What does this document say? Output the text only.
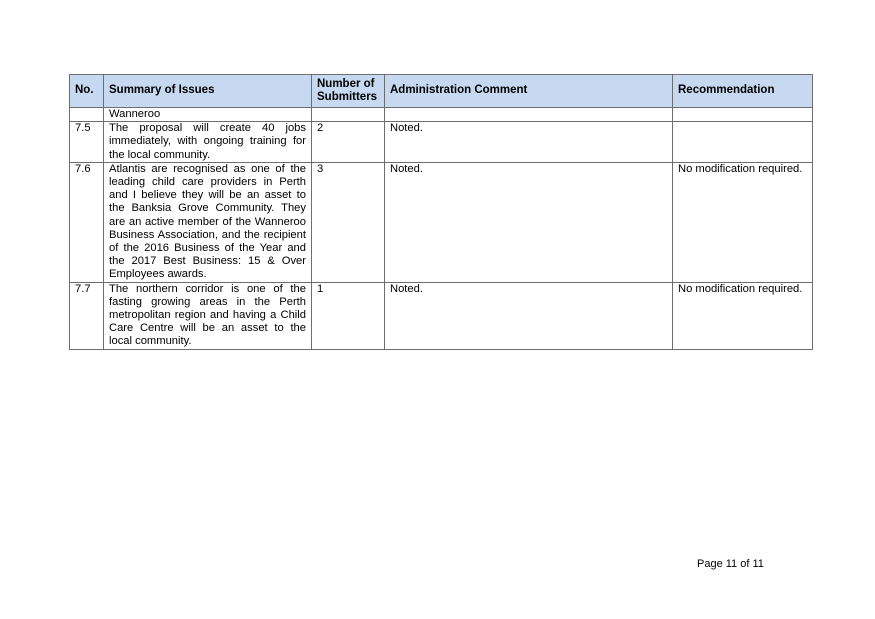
No.	Summary of Issues	Number of Submitters	Administration Comment	Recommendation
	Wanneroo			
7.5	The proposal will create 40 jobs immediately, with ongoing training for the local community.	2	Noted.	
7.6	Atlantis are recognised as one of the leading child care providers in Perth and I believe they will be an asset to the Banksia Grove Community. They are an active member of the Wanneroo Business Association, and the recipient of the 2016 Business of the Year and the 2017 Best Business: 15 & Over Employees awards.	3	Noted.	No modification required.
7.7	The northern corridor is one of the fasting growing areas in the Perth metropolitan region and having a Child Care Centre will be an asset to the local community.	1	Noted.	No modification required.
Page 11 of 11
